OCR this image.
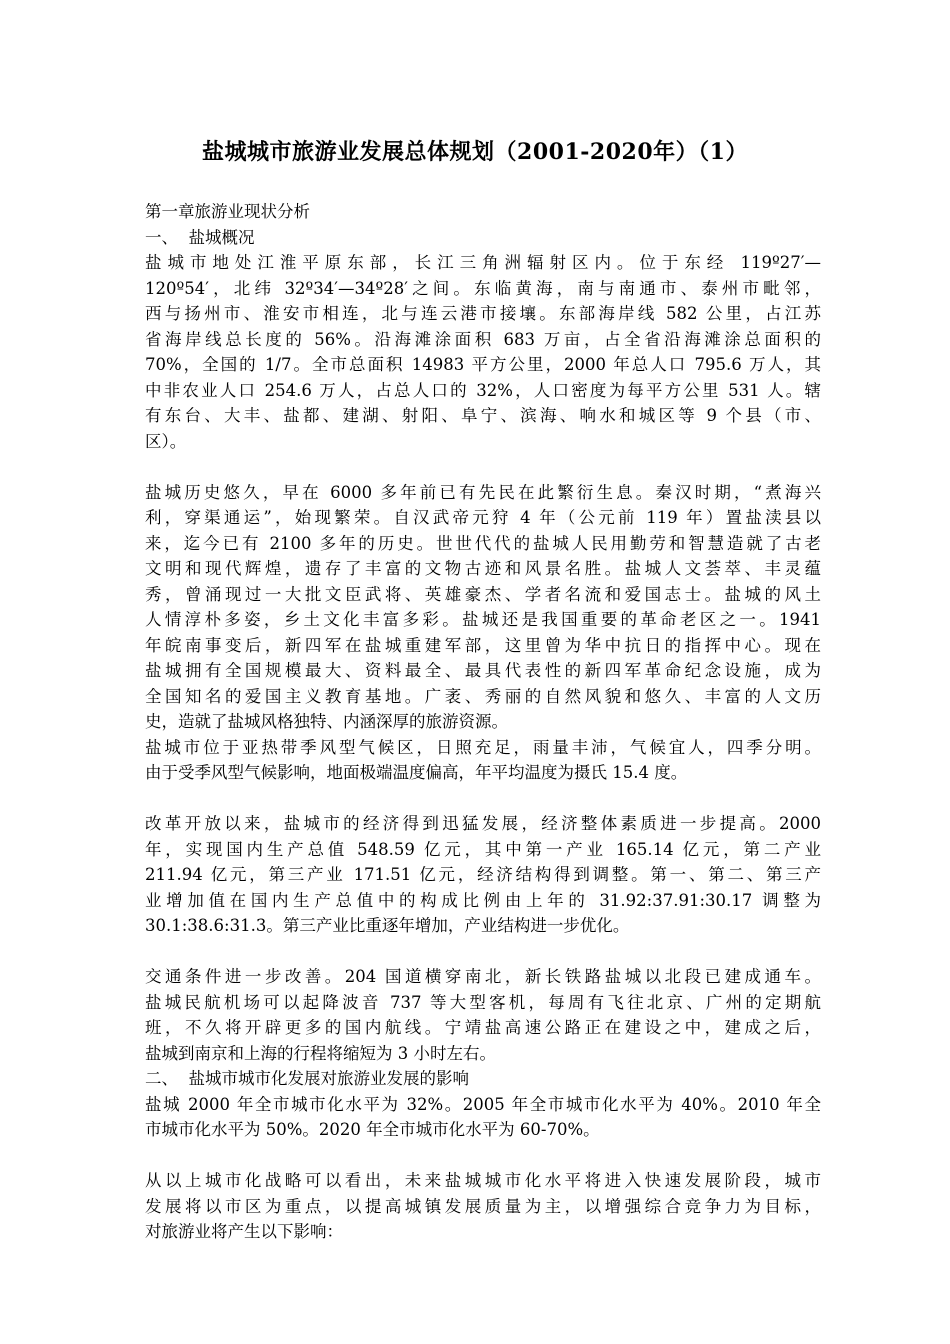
盐城城市旅游业发展总体规划（2001-2020年）（1）
第一章旅游业现状分析
一、  盐城概况
盐城市地处江淮平原东部，长江三角洲辐射区内。位于东经 119º27′—
120º54′，北纬 32º34′—34º28′之间。东临黄海，南与南通市、泰州市毗邻，
西与扬州市、淮安市相连，北与连云港市接壤。东部海岸线 582 公里，占江苏
省海岸线总长度的 56%。沿海滩涂面积 683 万亩，占全省沿海滩涂总面积的
70%，全国的 1/7。全市总面积 14983 平方公里，2000 年总人口 795.6 万人，其
中非农业人口 254.6 万人，占总人口的 32%，人口密度为每平方公里 531 人。辖
有东台、大丰、盐都、建湖、射阳、阜宁、滨海、响水和城区等 9 个县（市、
区）。
盐城历史悠久，早在 6000 多年前已有先民在此繁衍生息。秦汉时期，“煮海兴
利，穿渠通运”，始现繁荣。自汉武帝元狩 4 年（公元前 119 年）置盐渎县以
来，迄今已有 2100 多年的历史。世世代代的盐城人民用勤劳和智慧造就了古老
文明和现代辉煌，遗存了丰富的文物古迹和风景名胜。盐城人文荟萃、丰灵蕴
秀，曾涌现过一大批文臣武将、英雄豪杰、学者名流和爱国志士。盐城的风土
人情淳朴多姿，乡土文化丰富多彩。盐城还是我国重要的革命老区之一。1941
年皖南事变后，新四军在盐城重建军部，这里曾为华中抗日的指挥中心。现在
盐城拥有全国规模最大、资料最全、最具代表性的新四军革命纪念设施，成为
全国知名的爱国主义教育基地。广袤、秀丽的自然风貌和悠久、丰富的人文历
史，造就了盐城风格独特、内涵深厚的旅游资源。
盐城市位于亚热带季风型气候区，日照充足，雨量丰沛，气候宜人，四季分明。
由于受季风型气候影响，地面极端温度偏高，年平均温度为摄氏 15.4 度。
改革开放以来，盐城市的经济得到迅猛发展，经济整体素质进一步提高。2000
年，实现国内生产总值 548.59 亿元，其中第一产业 165.14 亿元，第二产业
211.94 亿元，第三产业 171.51 亿元，经济结构得到调整。第一、第二、第三产
业增加值在国内生产总值中的构成比例由上年的 31.92:37.91:30.17 调整为
30.1:38.6:31.3。第三产业比重逐年增加，产业结构进一步优化。
交通条件进一步改善。204 国道横穿南北，新长铁路盐城以北段已建成通车。
盐城民航机场可以起降波音 737 等大型客机，每周有飞往北京、广州的定期航
班，不久将开辟更多的国内航线。宁靖盐高速公路正在建设之中，建成之后，
盐城到南京和上海的行程将缩短为 3 小时左右。
二、  盐城市城市化发展对旅游业发展的影响
盐城 2000 年全市城市化水平为 32%。2005 年全市城市化水平为 40%。2010 年全
市城市化水平为 50%。2020 年全市城市化水平为 60-70%。
从以上城市化战略可以看出，未来盐城城市化水平将进入快速发展阶段，城市
发展将以市区为重点，以提高城镇发展质量为主，以增强综合竞争力为目标，
对旅游业将产生以下影响：
